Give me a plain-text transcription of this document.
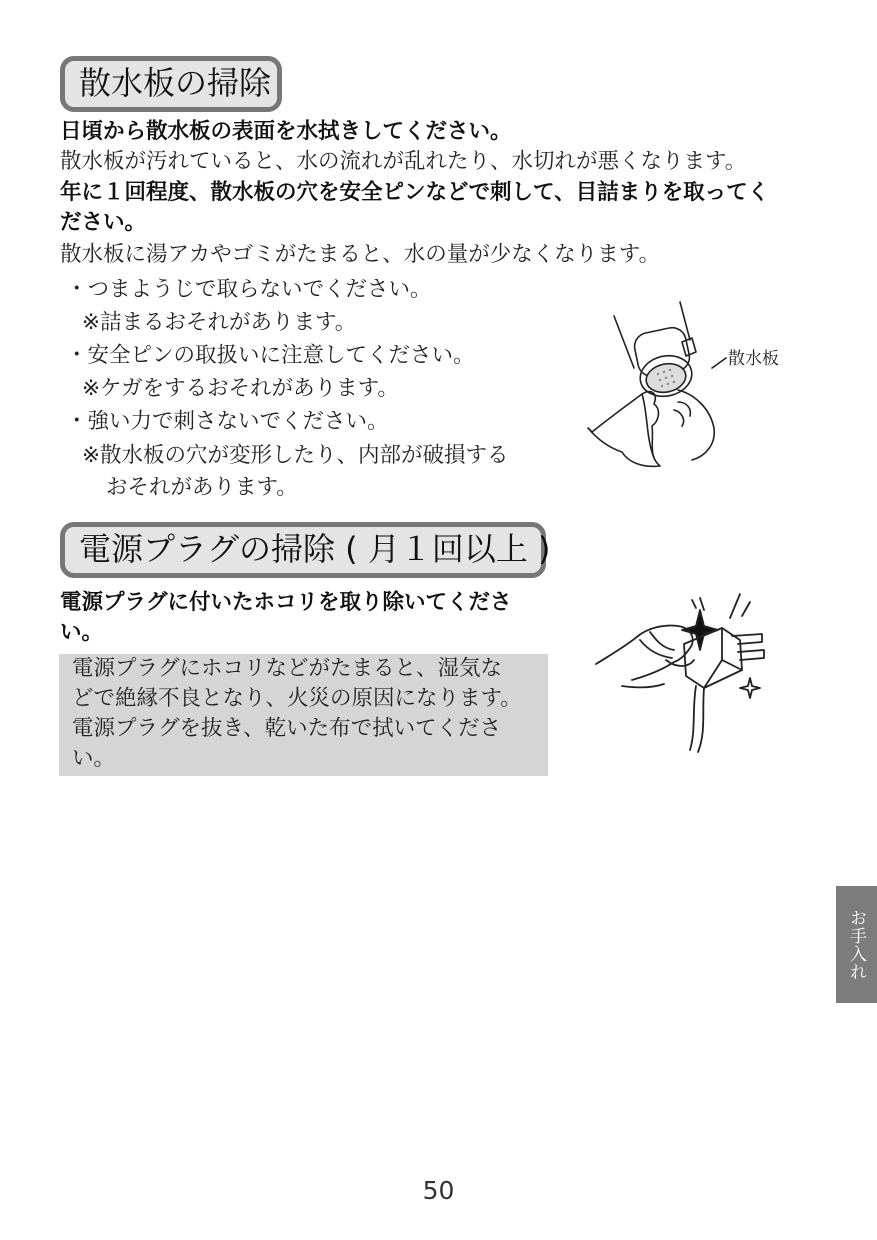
散水板の掃除
日頃から散水板の表面を水拭きしてください。
散水板が汚れていると、水の流れが乱れたり、水切れが悪くなります。
年に１回程度、散水板の穴を安全ピンなどで刺して、目詰まりを取ってく
ださい。
散水板に湯アカやゴミがたまると、水の量が少なくなります。
・つまようじで取らないでください。
※詰まるおそれがあります。
・安全ピンの取扱いに注意してください。
※ケガをするおそれがあります。
・強い力で刺さないでください。
※散水板の穴が変形したり、内部が破損する
おそれがあります。
散水板
電源プラグの掃除 ( 月１回以上 )
電源プラグに付いたホコリを取り除いてくださ
い。
電源プラグにホコリなどがたまると、湿気な
どで絶縁不良となり、火災の原因になります。
電源プラグを抜き、乾いた布で拭いてくださ
い。
お手入れ
50
